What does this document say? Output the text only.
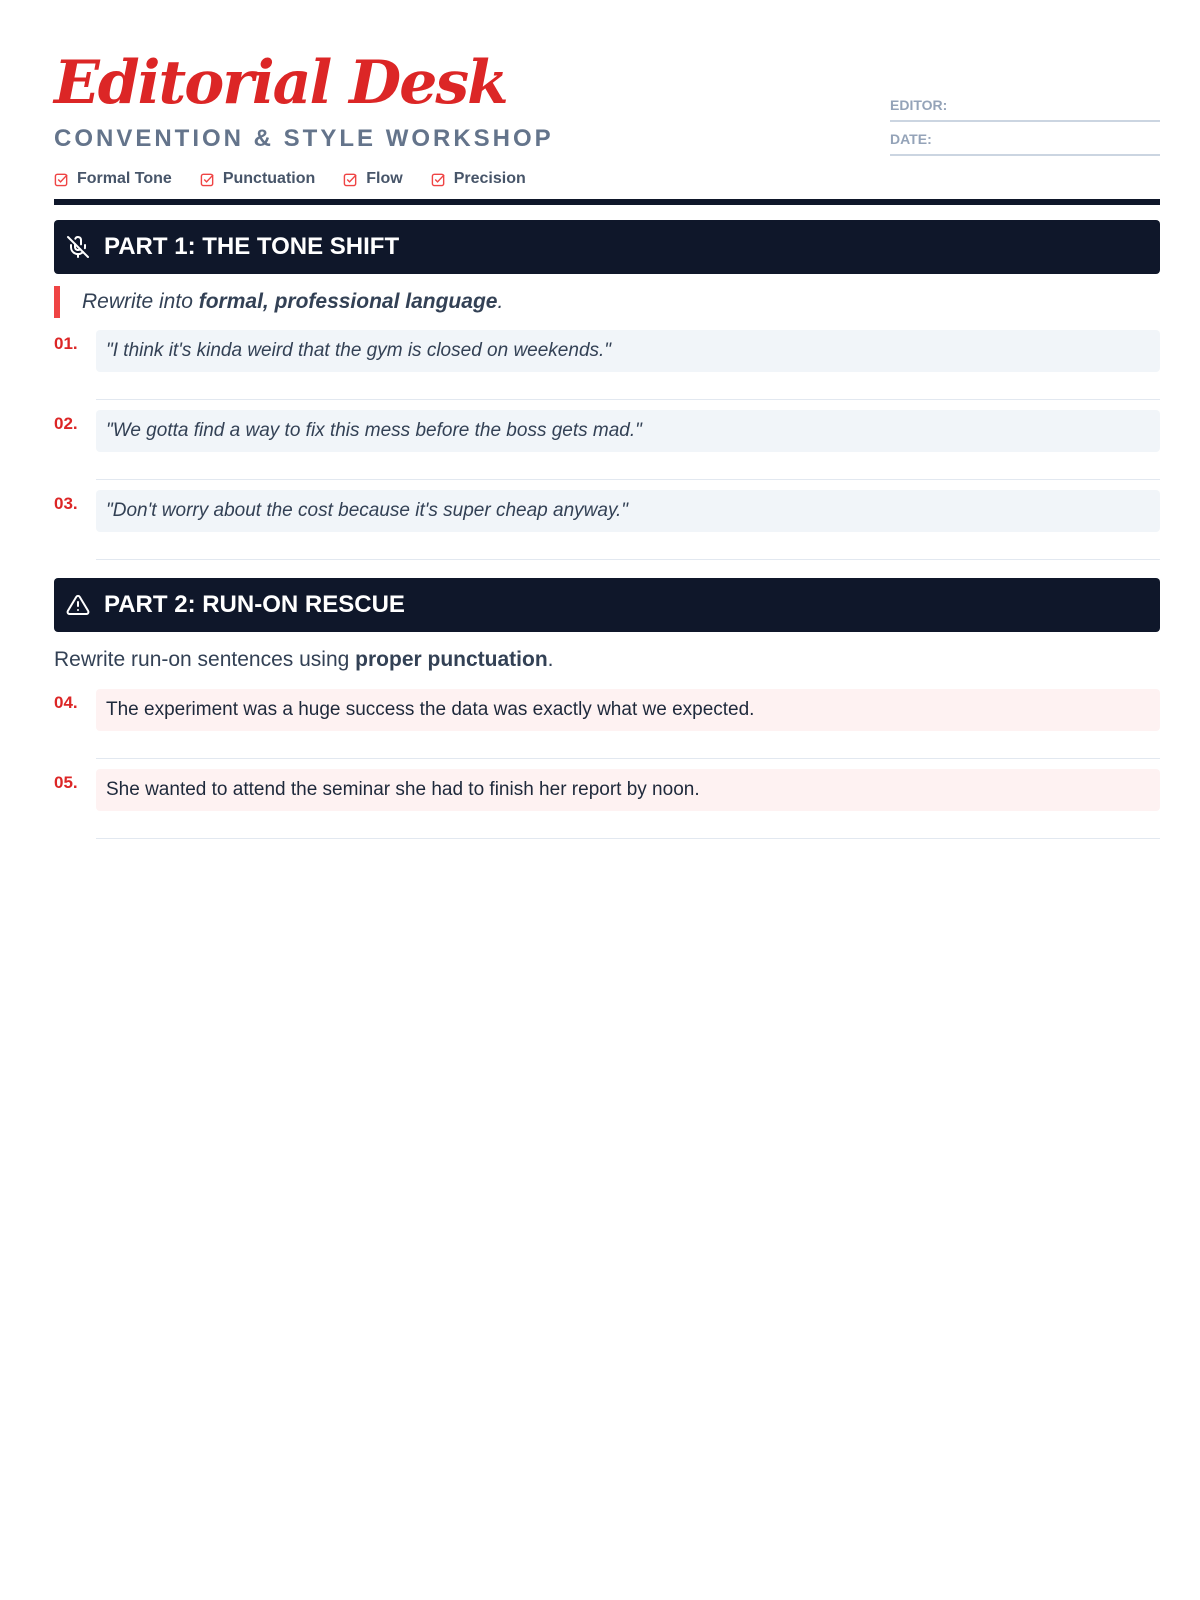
Editorial Desk
CONVENTION & STYLE WORKSHOP
Formal Tone	Punctuation	Flow	Precision
EDITOR:
DATE:
PART 1: THE TONE SHIFT
Rewrite into formal, professional language .
01. "I think it's kinda weird that the gym is closed on weekends."
02. "We gotta find a way to fix this mess before the boss gets mad."
03. "Don't worry about the cost because it's super cheap anyway."
PART 2: RUN-ON RESCUE
Rewrite run-on sentences using proper punctuation.
04. The experiment was a huge success the data was exactly what we expected.
05. She wanted to attend the seminar she had to finish her report by noon.
